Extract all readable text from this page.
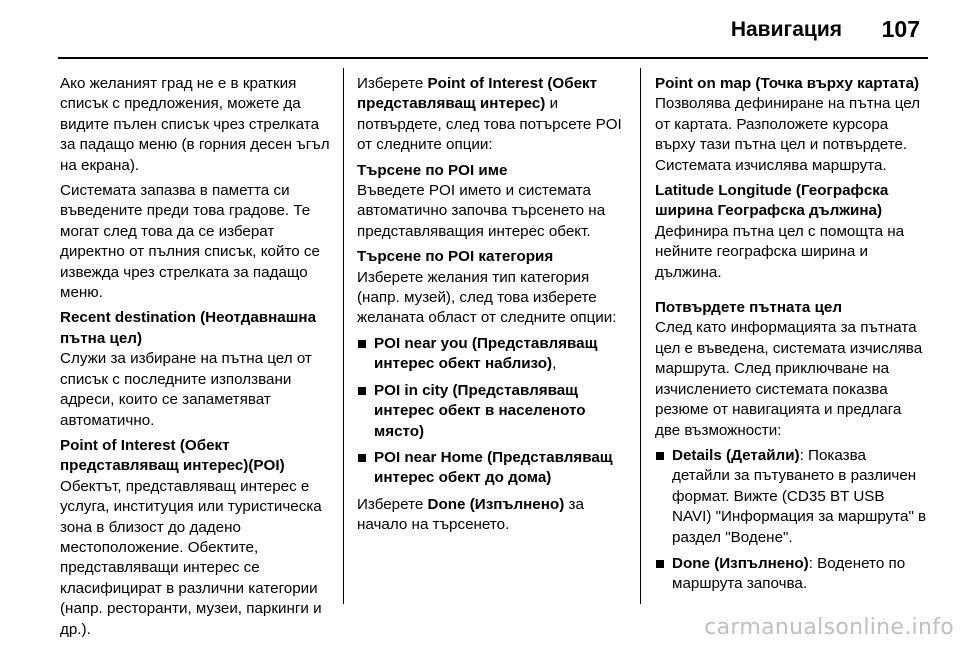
Навигация 107

Ако желаният град не е в краткия списък с предложения, можете да видите пълен списък чрез стрелката за падащо меню (в горния десен ъгъл на екрана).

Системата запазва в паметта си въведените преди това градове. Те могат след това да се изберат директно от пълния списък, който се извежда чрез стрелката за падащо меню.

Recent destination (Неотдавнашна пътна цел)

Служи за избиране на пътна цел от списък с последните използвани адреси, които се запаметяват автоматично.

Point of Interest (Обект представляващ интерес)(POI)

Обектът, представляващ интерес е услуга, институция или туристическа зона в близост до дадено местоположение. Обектите, представляващи интерес се класифицират в различни категории (напр. ресторанти, музеи, паркинги и др.).

Изберете Point of Interest (Обект представляващ интерес) и потвърдете, след това потърсете POI от следните опции:

Търсене по POI име

Въведете POI името и системата автоматично започва търсенето на представляващия интерес обект.

Търсене по POI категория

Изберете желания тип категория (напр. музей), след това изберете желаната област от следните опции:

POI near you (Представляващ интерес обект наблизо),
POI in city (Представляващ интерес обект в населеното място)
POI near Home (Представляващ интерес обект до дома)

Изберете Done (Изпълнено) за начало на търсенето.

Point on map (Точка върху картата)

Позволява дефиниране на пътна цел от картата. Разположете курсора върху тази пътна цел и потвърдете. Системата изчислява маршрута.

Latitude Longitude (Географска ширина Географска дължина)

Дефинира пътна цел с помощта на нейните географска ширина и дължина.

Потвърдете пътната цел

След като информацията за пътната цел е въведена, системата изчислява маршрута. След приключване на изчислението системата показва резюме от навигацията и предлага две възможности:

Details (Детайли): Показва детайли за пътуването в различен формат. Вижте (CD35 BT USB NAVI) "Информация за маршрута" в раздел "Водене".
Done (Изпълнено): Воденето по маршрута започва.
carmanualsonline.info
